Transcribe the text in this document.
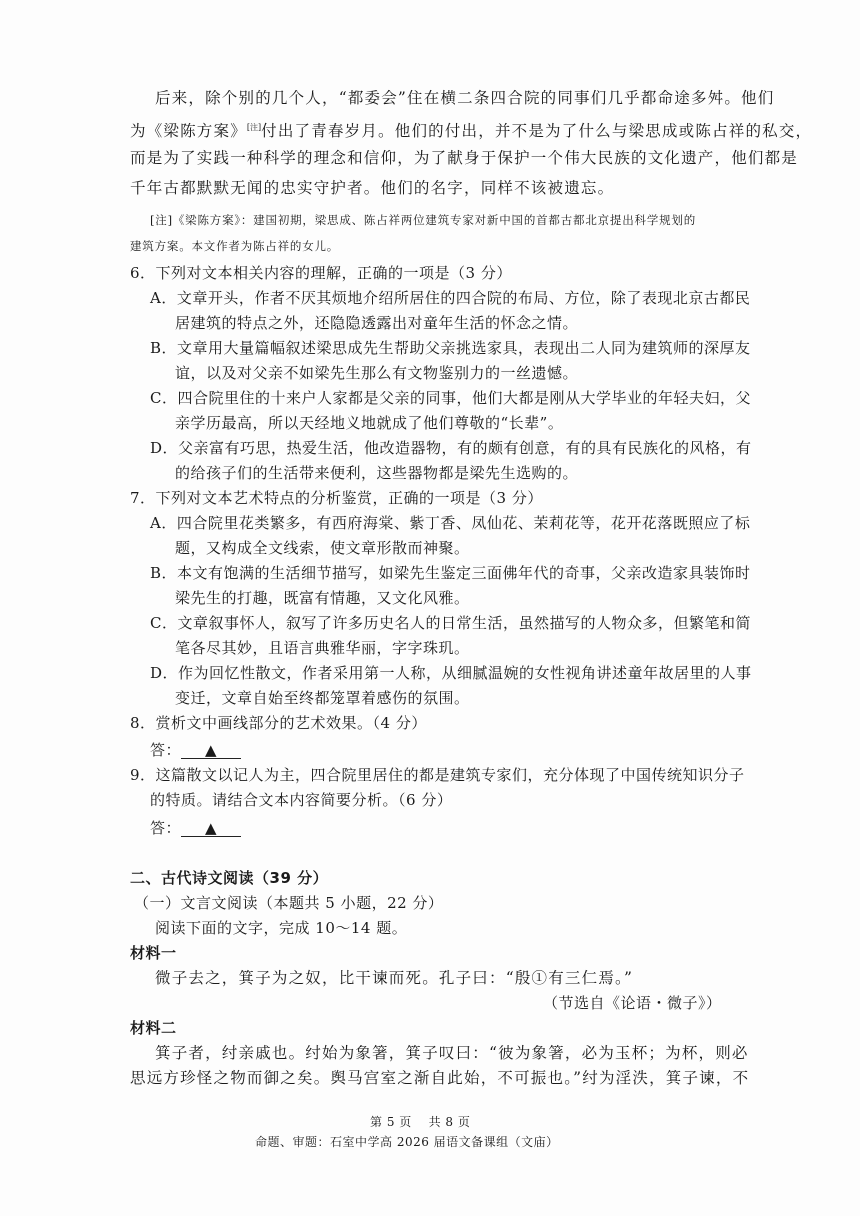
后来，除个别的几个人，“都委会”住在横二条四合院的同事们几乎都命途多舛。他们
为《梁陈方案》[注]付出了青春岁月。他们的付出，并不是为了什么与梁思成或陈占祥的私交，
而是为了实践一种科学的理念和信仰，为了献身于保护一个伟大民族的文化遗产，他们都是
千年古都默默无闻的忠实守护者。他们的名字，同样不该被遗忘。
[注]《梁陈方案》：建国初期，梁思成、陈占祥两位建筑专家对新中国的首都古都北京提出科学规划的
建筑方案。本文作者为陈占祥的女儿。
6．下列对文本相关内容的理解，正确的一项是（3 分）
A．文章开头，作者不厌其烦地介绍所居住的四合院的布局、方位，除了表现北京古都民
居建筑的特点之外，还隐隐透露出对童年生活的怀念之情。
B．文章用大量篇幅叙述梁思成先生帮助父亲挑选家具，表现出二人同为建筑师的深厚友
谊，以及对父亲不如梁先生那么有文物鉴别力的一丝遗憾。
C．四合院里住的十来户人家都是父亲的同事，他们大都是刚从大学毕业的年轻夫妇，父
亲学历最高，所以天经地义地就成了他们尊敬的“长辈”。
D．父亲富有巧思，热爱生活，他改造器物，有的颇有创意，有的具有民族化的风格，有
的给孩子们的生活带来便利，这些器物都是梁先生选购的。
7．下列对文本艺术特点的分析鉴赏，正确的一项是（3 分）
A．四合院里花类繁多，有西府海棠、紫丁香、凤仙花、茉莉花等，花开花落既照应了标
题，又构成全文线索，使文章形散而神聚。
B．本文有饱满的生活细节描写，如梁先生鉴定三面佛年代的奇事，父亲改造家具装饰时
梁先生的打趣，既富有情趣，又文化风雅。
C．文章叙事怀人，叙写了许多历史名人的日常生活，虽然描写的人物众多，但繁笔和简
笔各尽其妙，且语言典雅华丽，字字珠玑。
D．作为回忆性散文，作者采用第一人称，从细腻温婉的女性视角讲述童年故居里的人事
变迁，文章自始至终都笼罩着感伤的氛围。
8．赏析文中画线部分的艺术效果。（4 分）
答： ▲
9．这篇散文以记人为主，四合院里居住的都是建筑专家们，充分体现了中国传统知识分子
的特质。请结合文本内容简要分析。（6 分）
答： ▲
二、古代诗文阅读（39 分）
（一）文言文阅读（本题共 5 小题，22 分）
阅读下面的文字，完成 10～14 题。
材料一
微子去之，箕子为之奴，比干谏而死。孔子曰：“殷①有三仁焉。”
（节选自《论语・微子》）
材料二
箕子者，纣亲戚也。纣始为象箸，箕子叹曰：“彼为象箸，必为玉杯；为杯，则必
思远方珍怪之物而御之矣。舆马宫室之渐自此始，不可振也。”纣为淫泆，箕子谏，不
第 5 页　 共 8 页
命题、审题：石室中学高 2026 届语文备课组（文庙）
